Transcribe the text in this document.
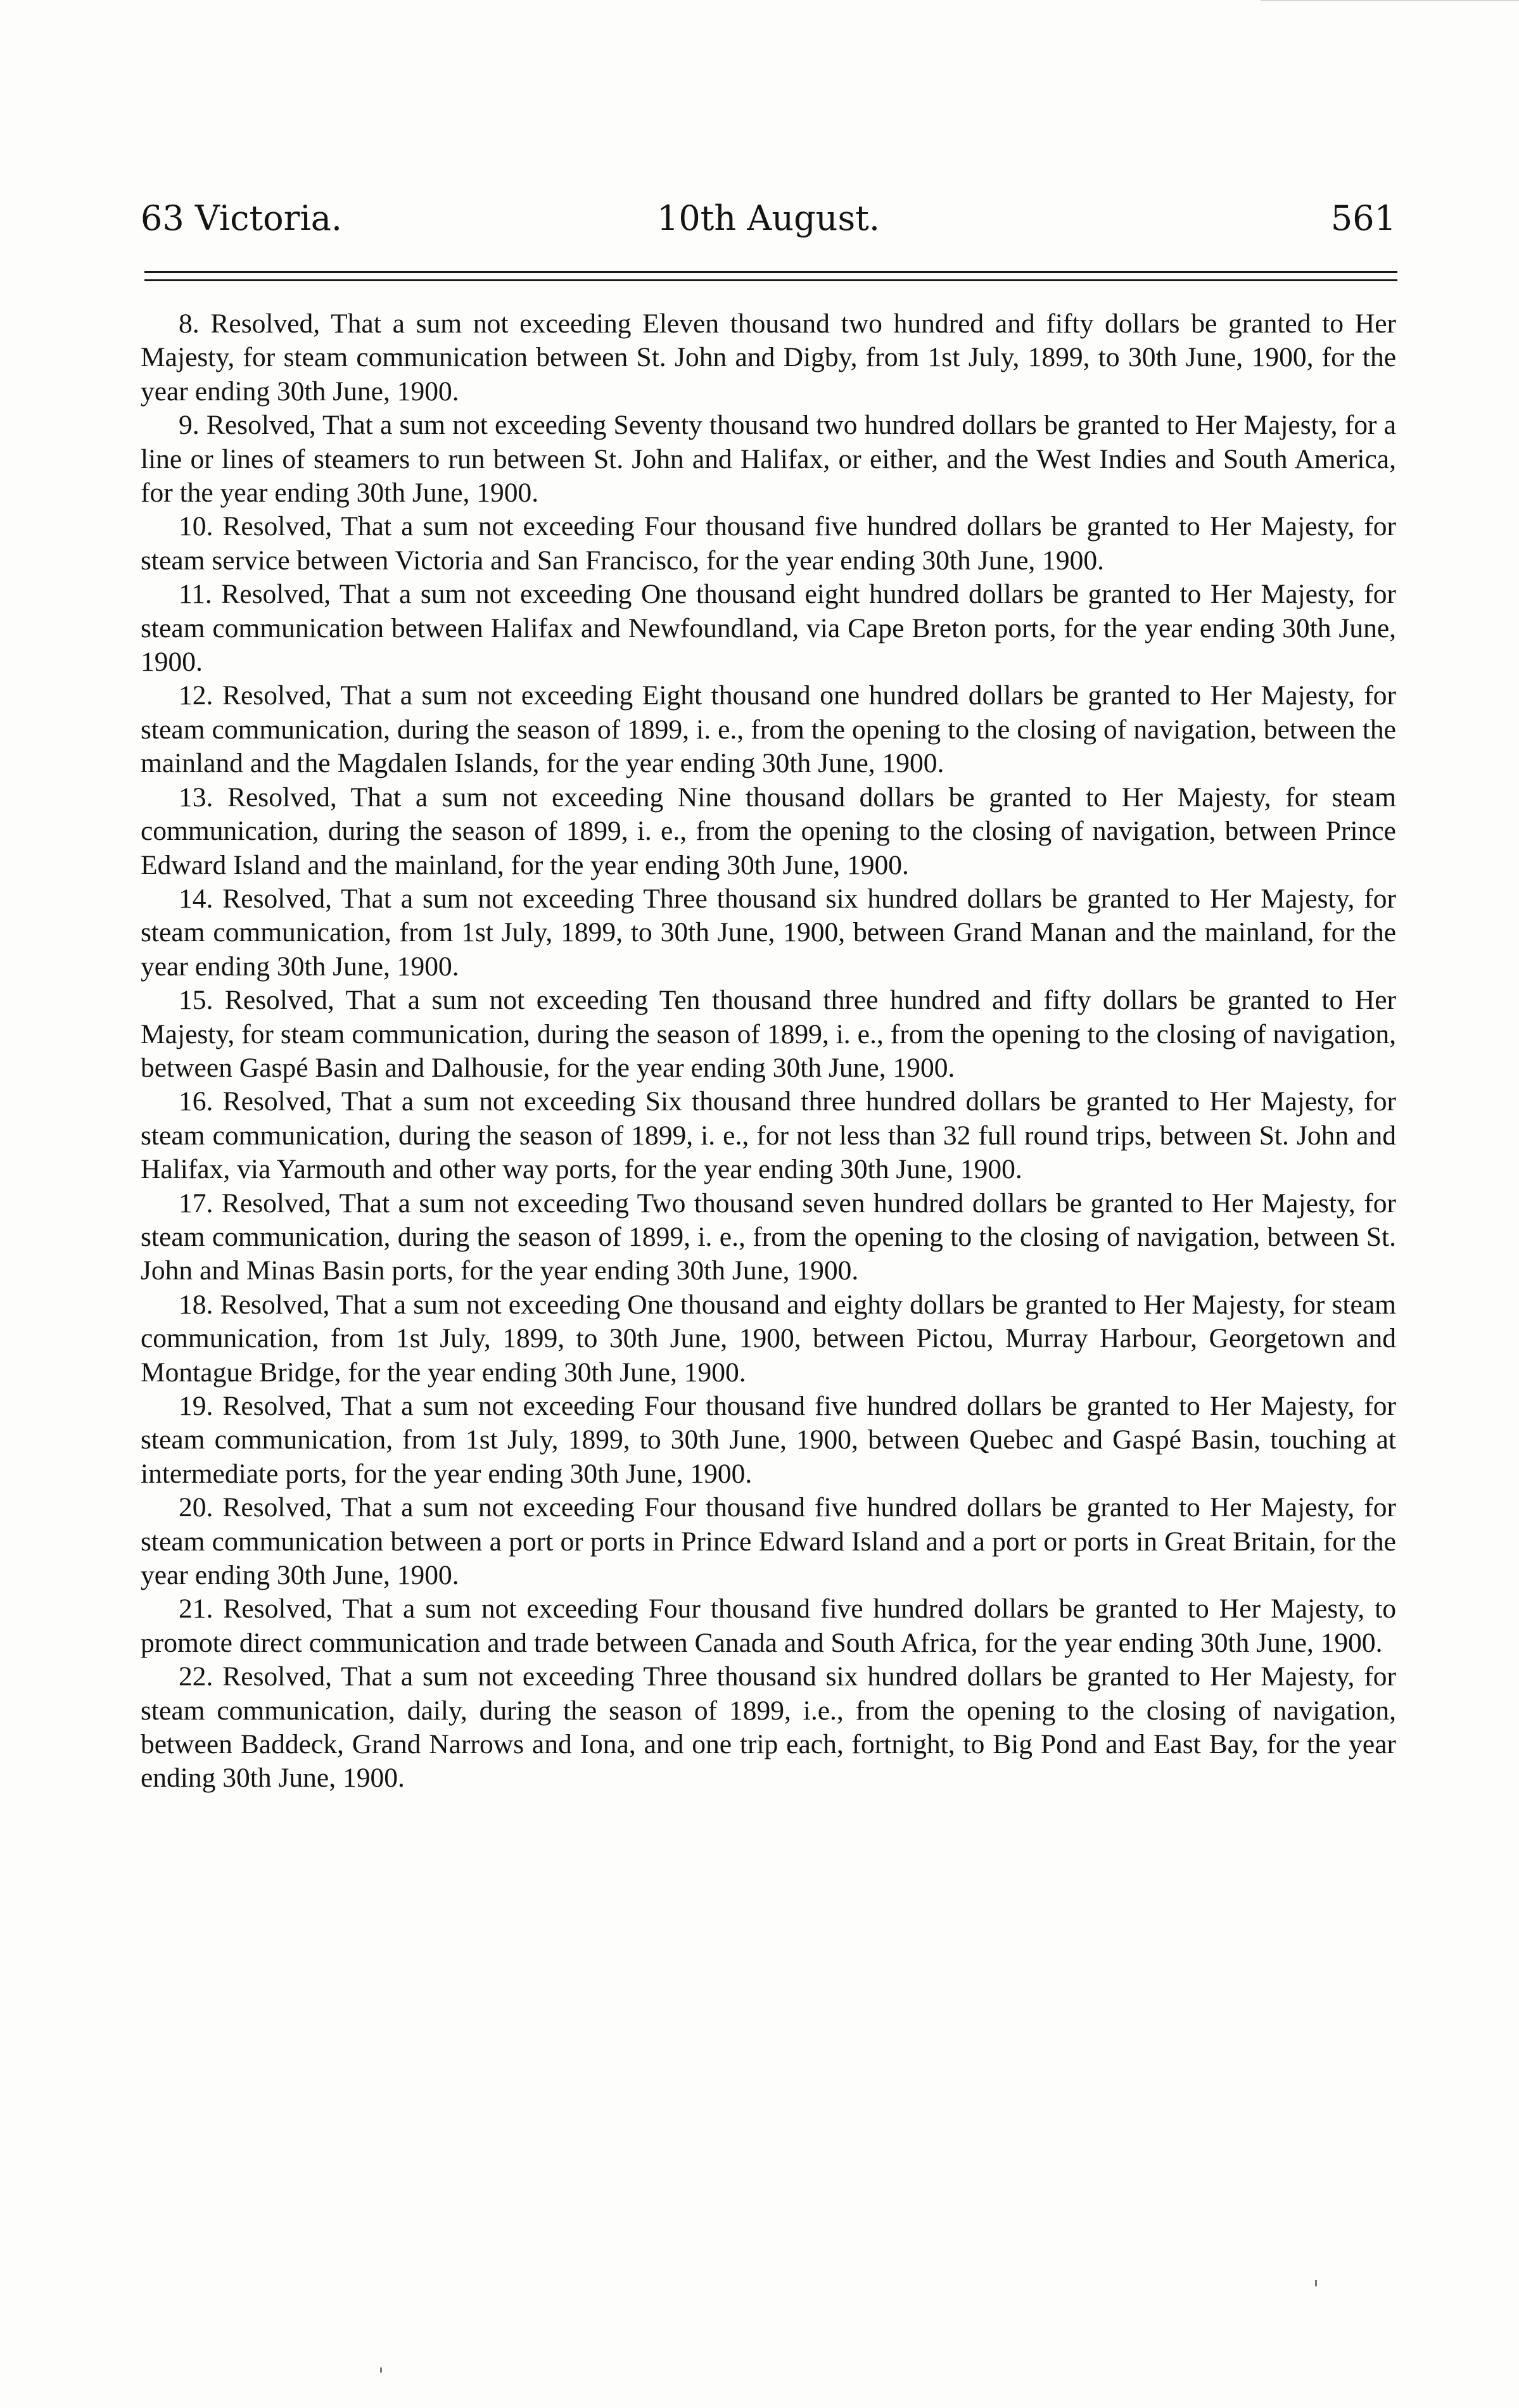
63 Victoria.	10th August.	561

8. Resolved, That a sum not exceeding Eleven thousand two hundred and fifty dollars be granted to Her Majesty, for steam communication between St. John and Digby, from 1st July, 1899, to 30th June, 1900, for the year ending 30th June, 1900.

9. Resolved, That a sum not exceeding Seventy thousand two hundred dollars be granted to Her Majesty, for a line or lines of steamers to run between St. John and Halifax, or either, and the West Indies and South America, for the year ending 30th June, 1900.

10. Resolved, That a sum not exceeding Four thousand five hundred dollars be granted to Her Majesty, for steam service between Victoria and San Francisco, for the year ending 30th June, 1900.

11. Resolved, That a sum not exceeding One thousand eight hundred dollars be granted to Her Majesty, for steam communication between Halifax and Newfoundland, via Cape Breton ports, for the year ending 30th June, 1900.

12. Resolved, That a sum not exceeding Eight thousand one hundred dollars be granted to Her Majesty, for steam communication, during the season of 1899, i. e., from the opening to the closing of navigation, between the mainland and the Magdalen Islands, for the year ending 30th June, 1900.

13. Resolved, That a sum not exceeding Nine thousand dollars be granted to Her Majesty, for steam communication, during the season of 1899, i. e., from the opening to the closing of navigation, between Prince Edward Island and the mainland, for the year ending 30th June, 1900.

14. Resolved, That a sum not exceeding Three thousand six hundred dollars be granted to Her Majesty, for steam communication, from 1st July, 1899, to 30th June, 1900, between Grand Manan and the mainland, for the year ending 30th June, 1900.

15. Resolved, That a sum not exceeding Ten thousand three hundred and fifty dollars be granted to Her Majesty, for steam communication, during the season of 1899, i. e., from the opening to the closing of navigation, between Gaspé Basin and Dalhousie, for the year ending 30th June, 1900.

16. Resolved, That a sum not exceeding Six thousand three hundred dollars be granted to Her Majesty, for steam communication, during the season of 1899, i. e., for not less than 32 full round trips, between St. John and Halifax, via Yarmouth and other way ports, for the year ending 30th June, 1900.

17. Resolved, That a sum not exceeding Two thousand seven hundred dollars be granted to Her Majesty, for steam communication, during the season of 1899, i. e., from the opening to the closing of navigation, between St. John and Minas Basin ports, for the year ending 30th June, 1900.

18. Resolved, That a sum not exceeding One thousand and eighty dollars be granted to Her Majesty, for steam communication, from 1st July, 1899, to 30th June, 1900, between Pictou, Murray Harbour, Georgetown and Montague Bridge, for the year ending 30th June, 1900.

19. Resolved, That a sum not exceeding Four thousand five hundred dollars be granted to Her Majesty, for steam communication, from 1st July, 1899, to 30th June, 1900, between Quebec and Gaspé Basin, touching at intermediate ports, for the year ending 30th June, 1900.

20. Resolved, That a sum not exceeding Four thousand five hundred dollars be granted to Her Majesty, for steam communication between a port or ports in Prince Edward Island and a port or ports in Great Britain, for the year ending 30th June, 1900.

21. Resolved, That a sum not exceeding Four thousand five hundred dollars be granted to Her Majesty, to promote direct communication and trade between Canada and South Africa, for the year ending 30th June, 1900.

22. Resolved, That a sum not exceeding Three thousand six hundred dollars be granted to Her Majesty, for steam communication, daily, during the season of 1899, i.e., from the opening to the closing of navigation, between Baddeck, Grand Narrows and Iona, and one trip each, fortnight, to Big Pond and East Bay, for the year ending 30th June, 1900.
